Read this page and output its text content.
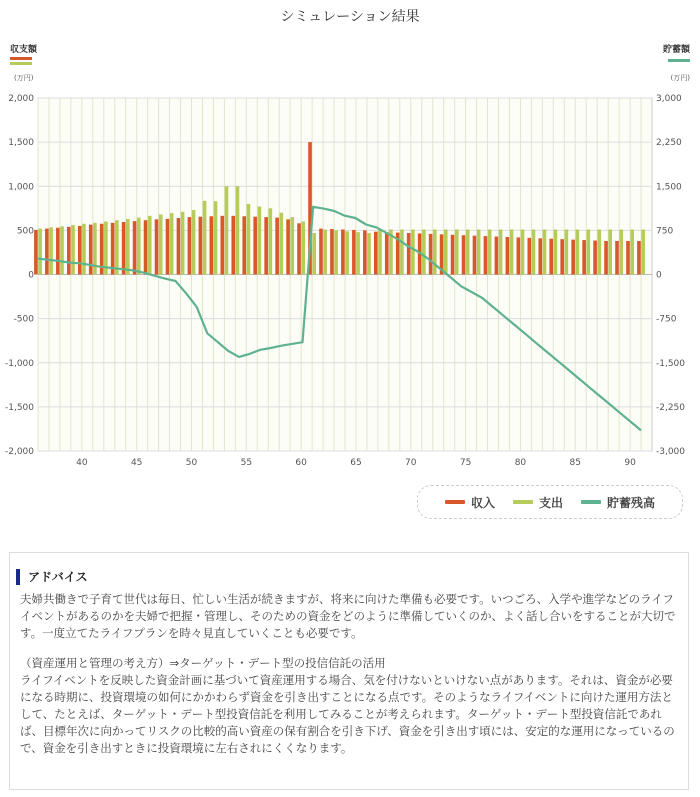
シミュレーション結果
2,000
1,500
1,000
500
0
-500
-1,000
-1,500
-2,000
3,000
2,250
1,500
750
0
-750
-1,500
-2,250
-3,000
40	45	50	55	60	65	70	75	80	85	90
収支額
(万円)
貯蓄額
(万円)
収入	支出	貯蓄残高
アドバイス

夫婦共働きで子育て世代は毎日、忙しい生活が続きますが、将来に向けた準備も必要です。いつごろ、入学や進学などのライフイベントがあるのかを夫婦で把握・管理し、そのための資金をどのように準備していくのか、よく話し合いをすることが大切です。一度立てたライフプランを時々見直していくことも必要です。

（資産運用と管理の考え方）⇒ターゲット・デート型の投信信託の活用

ライフイベントを反映した資金計画に基づいて資産運用する場合、気を付けないといけない点があります。それは、資金が必要になる時期に、投資環境の如何にかかわらず資金を引き出すことになる点です。そのようなライフイベントに向けた運用方法として、たとえば、ターゲット・デート型投資信託を利用してみることが考えられます。ターゲット・デート型投資信託であれば、目標年次に向かってリスクの比較的高い資産の保有割合を引き下げ、資金を引き出す頃には、安定的な運用になっているので、資金を引き出すときに投資環境に左右されにくくなります。
